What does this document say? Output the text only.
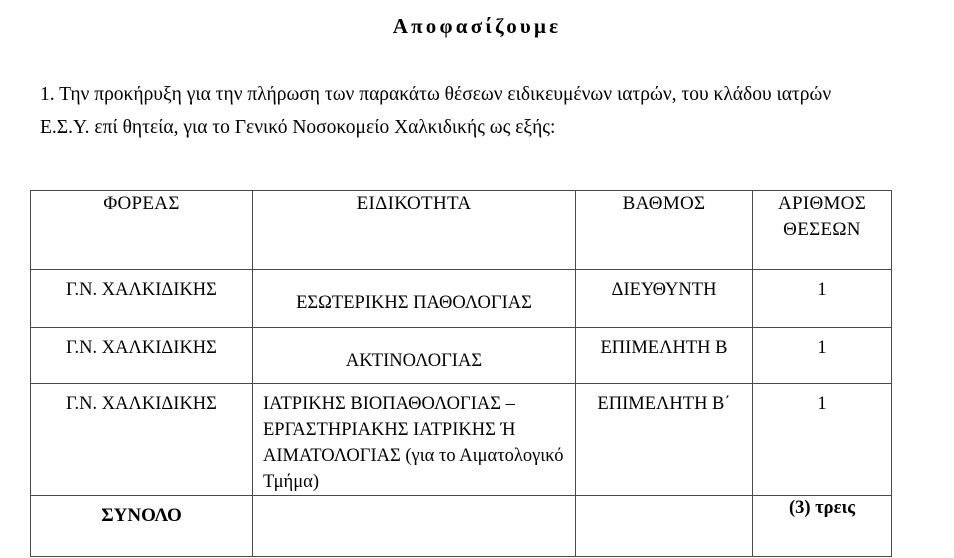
Αποφασίζουμε
1. Την προκήρυξη για την πλήρωση των παρακάτω θέσεων ειδικευμένων ιατρών, του κλάδου ιατρών Ε.Σ.Υ. επί θητεία, για το Γενικό Νοσοκομείο Χαλκιδικής ως εξής:
ΦΟΡΕΑΣ	ΕΙΔΙΚΟΤΗΤΑ	ΒΑΘΜΟΣ	ΑΡΙΘΜΟΣ
ΘΕΣΕΩΝ

Γ.Ν. ΧΑΛΚΙΔΙΚΗΣ	ΕΣΩΤΕΡΙΚΗΣ ΠΑΘΟΛΟΓΙΑΣ	ΔΙΕΥΘΥΝΤΗ	1

Γ.Ν. ΧΑΛΚΙΔΙΚΗΣ	ΑΚΤΙΝΟΛΟΓΙΑΣ	ΕΠΙΜΕΛΗΤΗ Β	1

Γ.Ν. ΧΑΛΚΙΔΙΚΗΣ	ΙΑΤΡΙΚΗΣ ΒΙΟΠΑΘΟΛΟΓΙΑΣ – ΕΡΓΑΣΤΗΡΙΑΚΗΣ ΙΑΤΡΙΚΗΣ Ή ΑΙΜΑΤΟΛΟΓΙΑΣ (για το Αιματολογικό Τμήμα)	ΕΠΙΜΕΛΗΤΗ Β΄	1

ΣΥΝΟΛΟ			(3) τρεις
